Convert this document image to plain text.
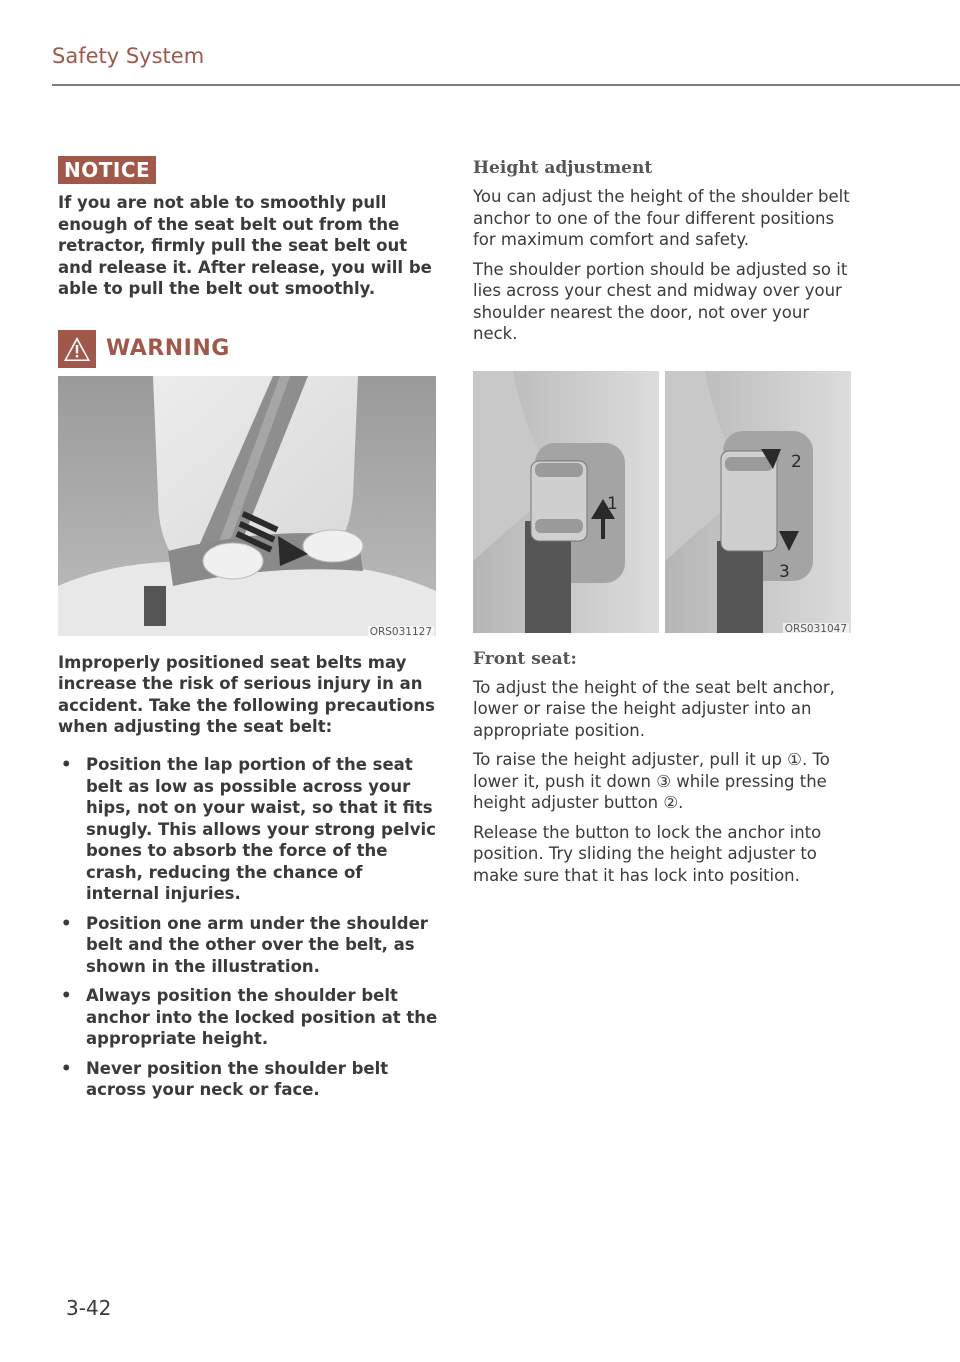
Safety System
NOTICE

If you are not able to smoothly pull enough of the seat belt out from the retractor, firmly pull the seat belt out and release it. After release, you will be able to pull the belt out smoothly.

WARNING
ORS031127

Improperly positioned seat belts may increase the risk of serious injury in an accident. Take the following precautions when adjusting the seat belt:

• Position the lap portion of the seat belt as low as possible across your hips, not on your waist, so that it fits snugly. This allows your strong pelvic bones to absorb the force of the crash, reducing the chance of internal injuries.
• Position one arm under the shoulder belt and the other over the belt, as shown in the illustration.
• Always position the shoulder belt anchor into the locked position at the appropriate height.
• Never position the shoulder belt across your neck or face.
Height adjustment

You can adjust the height of the shoulder belt anchor to one of the four different positions for maximum comfort and safety.

The shoulder portion should be adjusted so it lies across your chest and midway over your shoulder nearest the door, not over your neck.

1
2
3
ORS031047
Front seat:

To adjust the height of the seat belt anchor, lower or raise the height adjuster into an appropriate position.

To raise the height adjuster, pull it up ①. To lower it, push it down ③ while pressing the height adjuster button ②.

Release the button to lock the anchor into position. Try sliding the height adjuster to make sure that it has lock into position.

3-42
